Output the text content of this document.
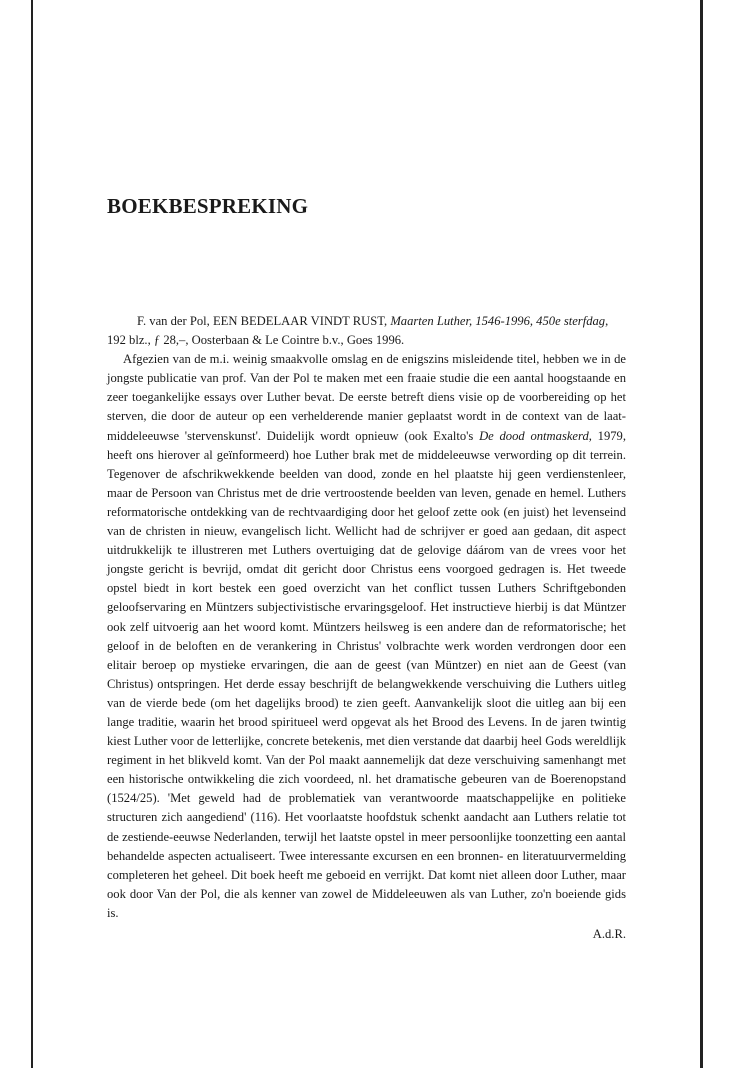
BOEKBESPREKING

F. van der Pol, EEN BEDELAAR VINDT RUST, Maarten Luther, 1546-1996, 450e sterfdag, 192 blz., ƒ 28,–, Oosterbaan & Le Cointre b.v., Goes 1996.

Afgezien van de m.i. weinig smaakvolle omslag en de enigszins misleidende titel, hebben we in de jongste publicatie van prof. Van der Pol te maken met een fraaie studie die een aantal hoogstaande en zeer toegankelijke essays over Luther bevat. De eerste betreft diens visie op de voorbereiding op het sterven, die door de auteur op een verhelderende manier geplaatst wordt in de context van de laat-middeleeuwse 'stervenskunst'. Duidelijk wordt opnieuw (ook Exalto's De dood ontmaskerd, 1979, heeft ons hierover al geïnformeerd) hoe Luther brak met de middeleeuwse verwording op dit terrein. Tegenover de afschrikwekkende beelden van dood, zonde en hel plaatste hij geen verdienstenleer, maar de Persoon van Christus met de drie vertroostende beelden van leven, genade en hemel. Luthers reformatorische ontdekking van de rechtvaardiging door het geloof zette ook (en juist) het levenseind van de christen in nieuw, evangelisch licht. Wellicht had de schrijver er goed aan gedaan, dit aspect uitdrukkelijk te illustreren met Luthers overtuiging dat de gelovige dáárom van de vrees voor het jongste gericht is bevrijd, omdat dit gericht door Christus eens voorgoed gedragen is. Het tweede opstel biedt in kort bestek een goed overzicht van het conflict tussen Luthers Schriftgebonden geloofservaring en Müntzers subjectivistische ervaringsgeloof. Het instructieve hierbij is dat Müntzer ook zelf uitvoerig aan het woord komt. Müntzers heilsweg is een andere dan de reformatorische; het geloof in de beloften en de verankering in Christus' volbrachte werk worden verdrongen door een elitair beroep op mystieke ervaringen, die aan de geest (van Müntzer) en niet aan de Geest (van Christus) ontspringen. Het derde essay beschrijft de belangwekkende verschuiving die Luthers uitleg van de vierde bede (om het dagelijks brood) te zien geeft. Aanvankelijk sloot die uitleg aan bij een lange traditie, waarin het brood spiritueel werd opgevat als het Brood des Levens. In de jaren twintig kiest Luther voor de letterlijke, concrete betekenis, met dien verstande dat daarbij heel Gods wereldlijk regiment in het blikveld komt. Van der Pol maakt aannemelijk dat deze verschuiving samenhangt met een historische ontwikkeling die zich voordeed, nl. het dramatische gebeuren van de Boerenopstand (1524/25). 'Met geweld had de problematiek van verantwoorde maatschappelijke en politieke structuren zich aangediend' (116). Het voorlaatste hoofdstuk schenkt aandacht aan Luthers relatie tot de zestiende-eeuwse Nederlanden, terwijl het laatste opstel in meer persoonlijke toonzetting een aantal behandelde aspecten actualiseert. Twee interessante excursen en een bronnen- en literatuurvermelding completeren het geheel. Dit boek heeft me geboeid en verrijkt. Dat komt niet alleen door Luther, maar ook door Van der Pol, die als kenner van zowel de Middeleeuwen als van Luther, zo'n boeiende gids is.

A.d.R.
